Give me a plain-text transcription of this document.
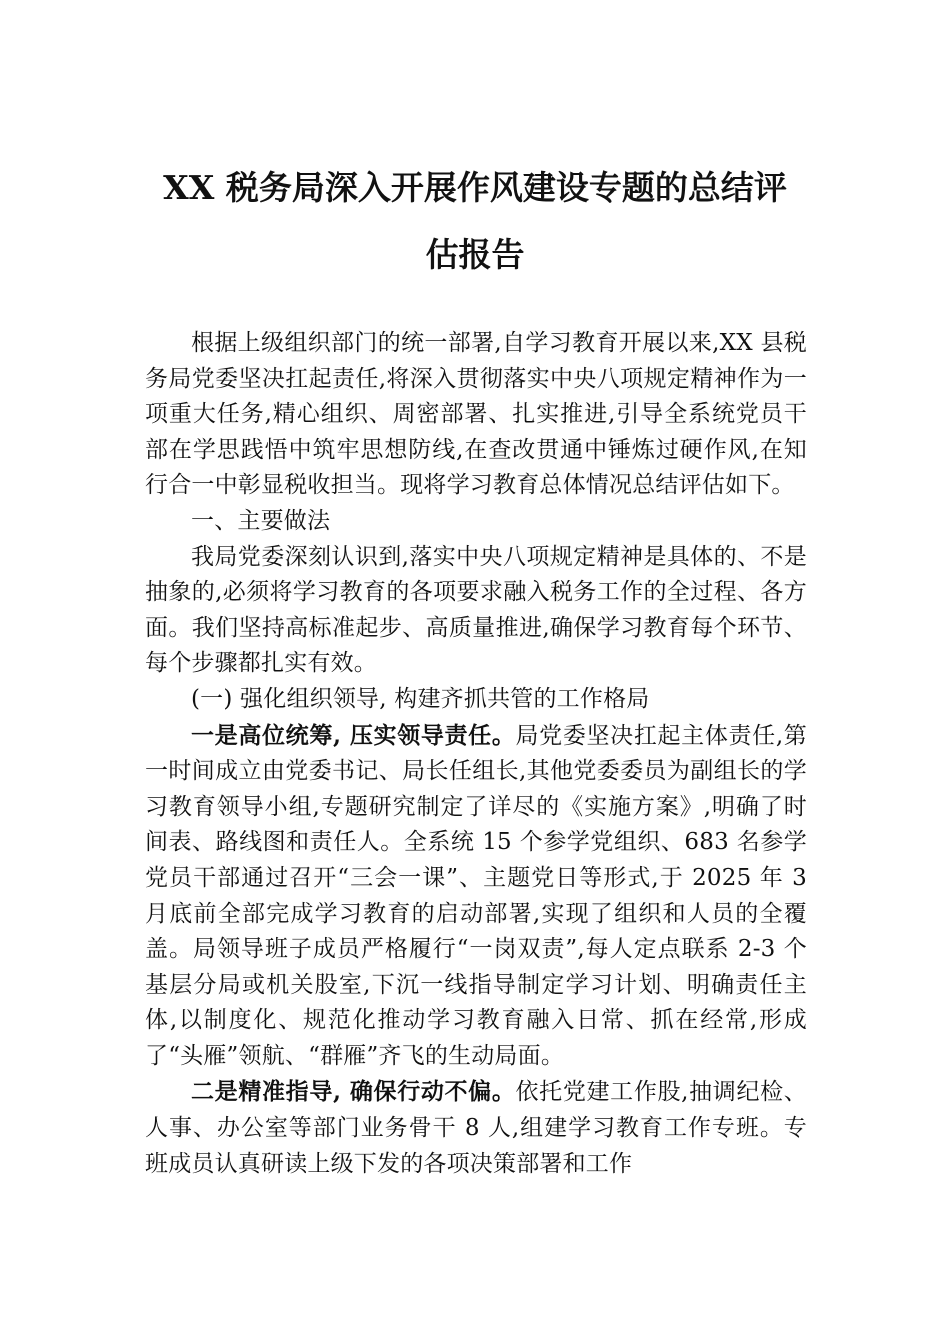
XX 税务局深入开展作风建设专题的总结评
估报告

根据上级组织部门的统一部署,自学习教育开展以来,XX 县税务局党委坚决扛起责任,将深入贯彻落实中央八项规定精神作为一项重大任务,精心组织、周密部署、扎实推进,引导全系统党员干部在学思践悟中筑牢思想防线,在查改贯通中锤炼过硬作风,在知行合一中彰显税收担当。现将学习教育总体情况总结评估如下。

一、主要做法

我局党委深刻认识到,落实中央八项规定精神是具体的、不是抽象的,必须将学习教育的各项要求融入税务工作的全过程、各方面。我们坚持高标准起步、高质量推进,确保学习教育每个环节、每个步骤都扎实有效。

(一) 强化组织领导, 构建齐抓共管的工作格局

一是高位统筹, 压实领导责任。局党委坚决扛起主体责任,第一时间成立由党委书记、局长任组长,其他党委委员为副组长的学习教育领导小组,专题研究制定了详尽的《实施方案》,明确了时间表、路线图和责任人。全系统 15 个参学党组织、683 名参学党员干部通过召开“三会一课”、主题党日等形式,于 2025 年 3 月底前全部完成学习教育的启动部署,实现了组织和人员的全覆盖。局领导班子成员严格履行“一岗双责”,每人定点联系 2-3 个基层分局或机关股室,下沉一线指导制定学习计划、明确责任主体,以制度化、规范化推动学习教育融入日常、抓在经常,形成了“头雁”领航、“群雁”齐飞的生动局面。

二是精准指导, 确保行动不偏。依托党建工作股,抽调纪检、人事、办公室等部门业务骨干 8 人,组建学习教育工作专班。专班成员认真研读上级下发的各项决策部署和工作
